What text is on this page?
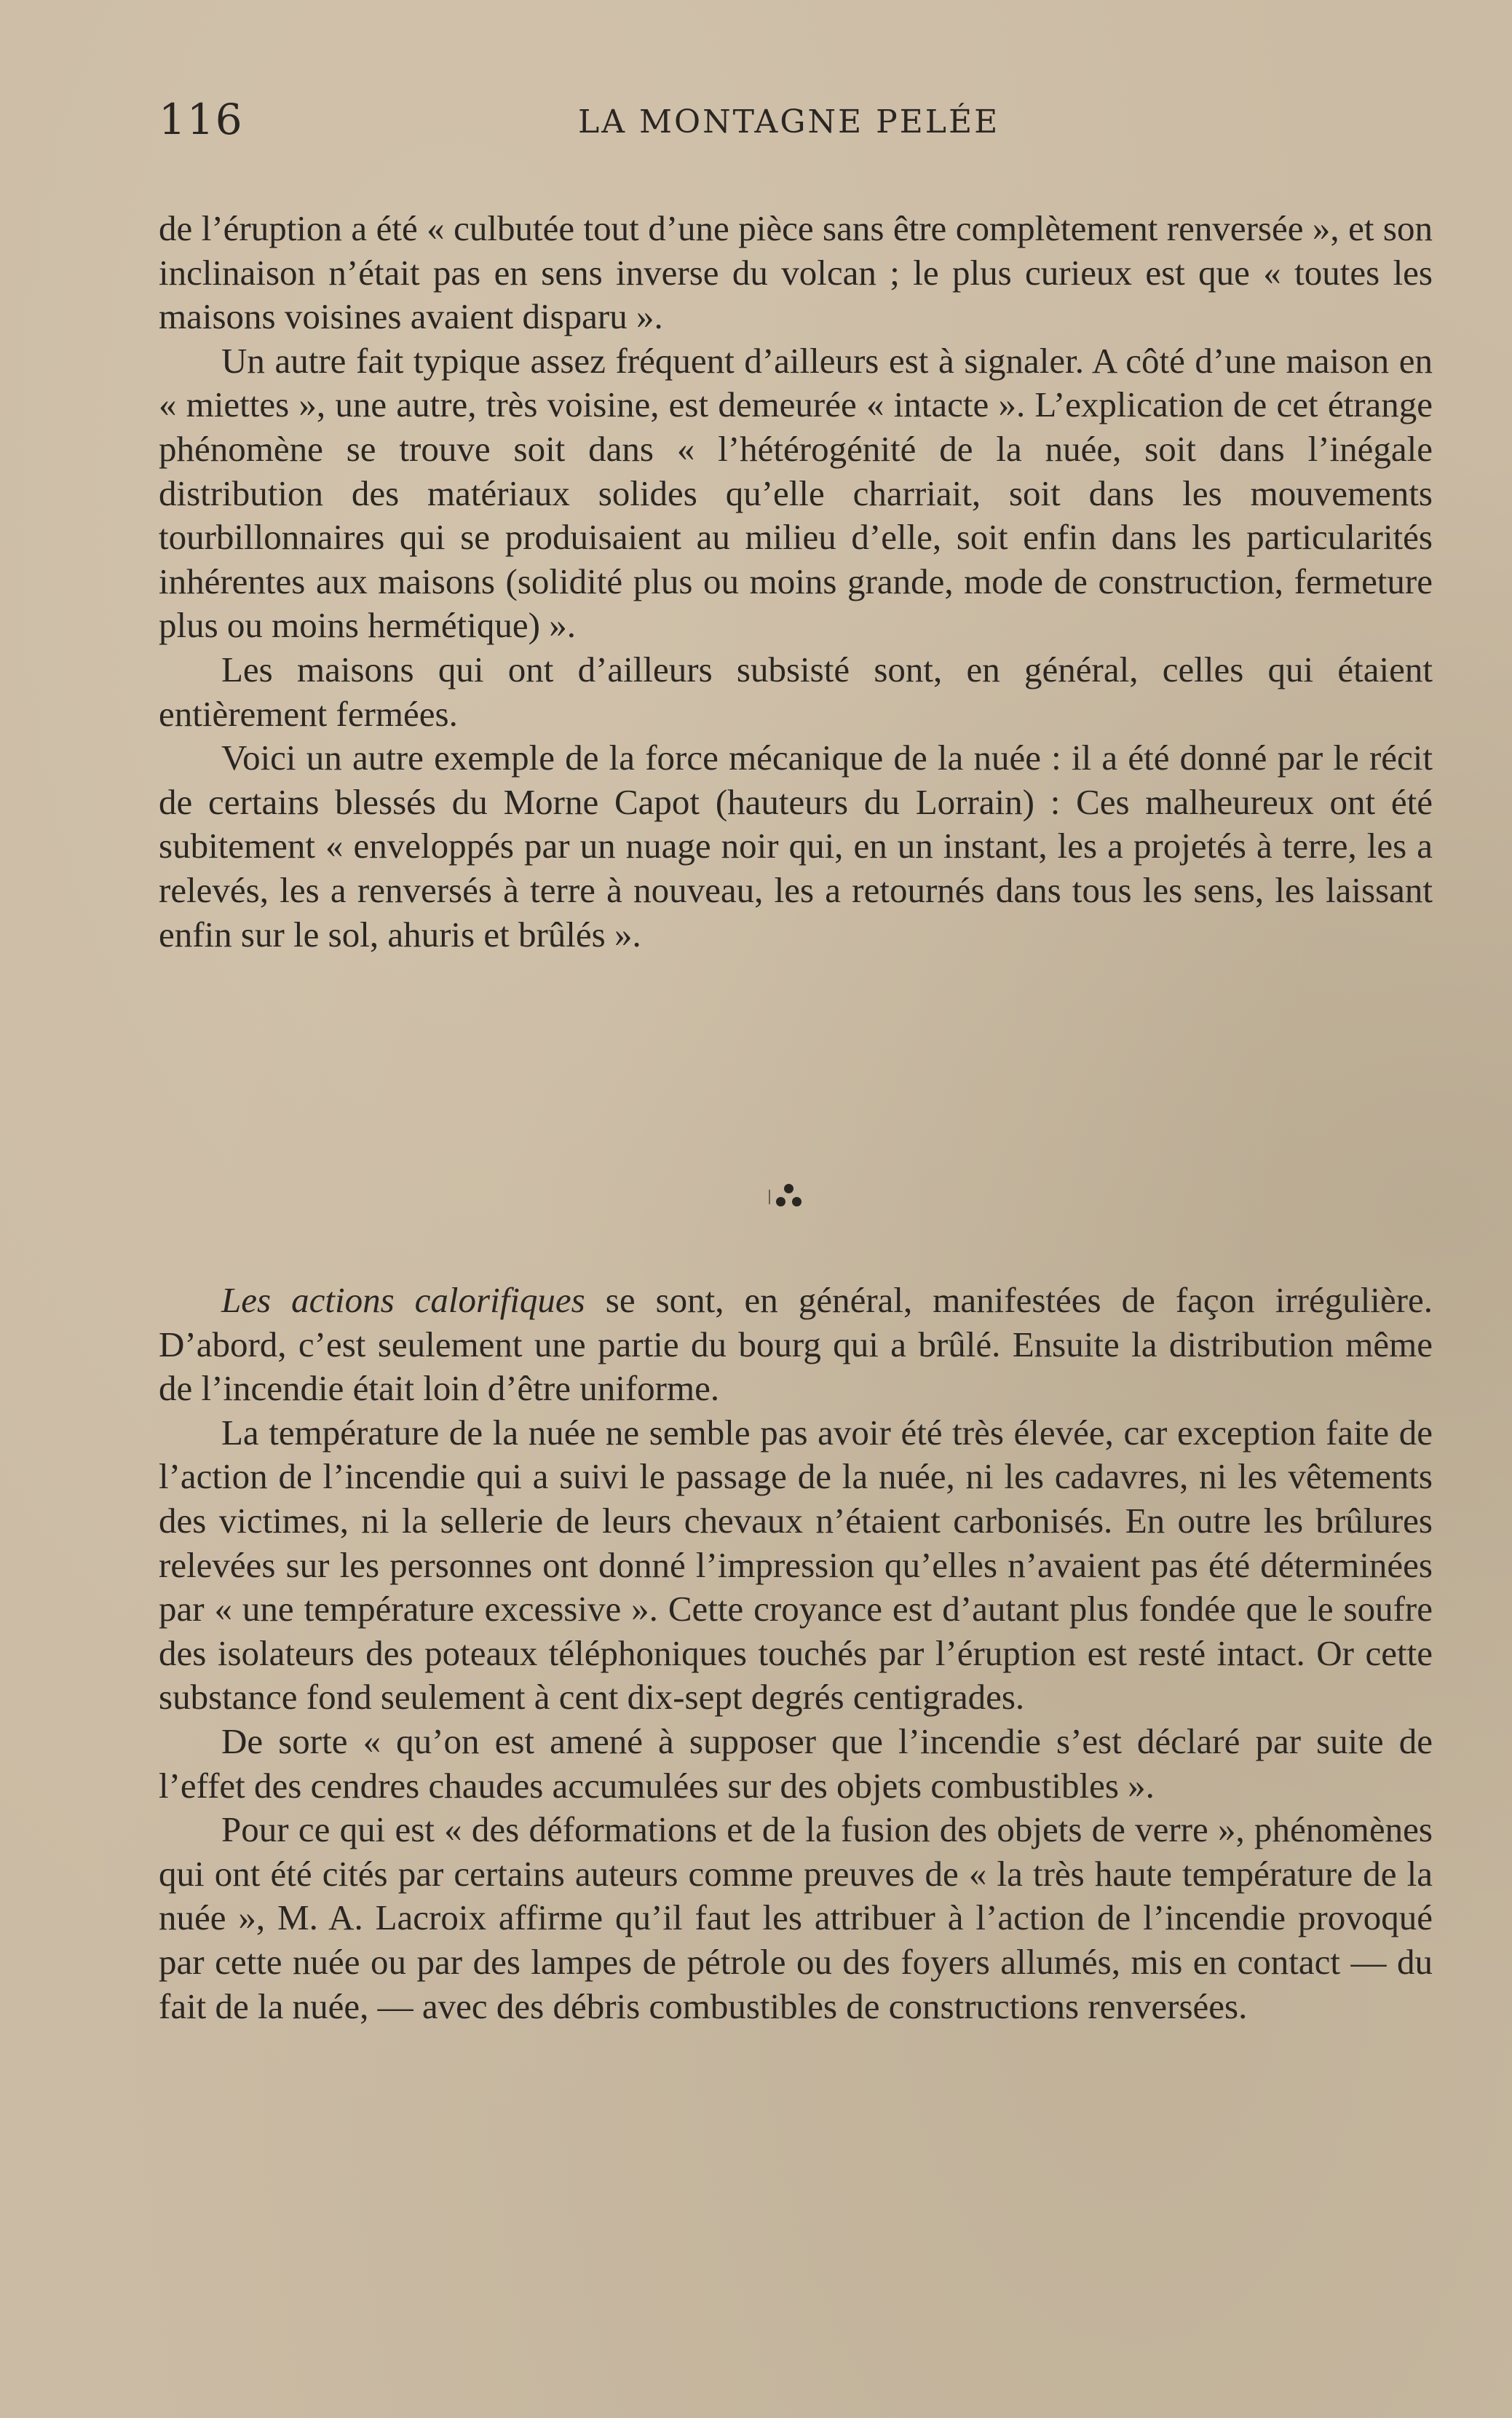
116	LA MONTAGNE PELÉE

de l’éruption a été « culbutée tout d’une pièce sans être complètement renversée », et son inclinaison n’était pas en sens inverse du volcan ; le plus curieux est que « toutes les maisons voisines avaient disparu ».

Un autre fait typique assez fréquent d’ailleurs est à signaler. A côté d’une maison en « miettes », une autre, très voisine, est demeurée « intacte ». L’explication de cet étrange phénomène se trouve soit dans « l’hétérogénité de la nuée, soit dans l’inégale distribution des matériaux solides qu’elle charriait, soit dans les mouvements tourbillonnaires qui se produisaient au milieu d’elle, soit enfin dans les particularités inhérentes aux maisons (solidité plus ou moins grande, mode de construction, fermeture plus ou moins hermétique) ».

Les maisons qui ont d’ailleurs subsisté sont, en général, celles qui étaient entièrement fermées.

Voici un autre exemple de la force mécanique de la nuée : il a été donné par le récit de certains blessés du Morne Capot (hauteurs du Lorrain) : Ces malheureux ont été subitement « enveloppés par un nuage noir qui, en un instant, les a projetés à terre, les a relevés, les a renversés à terre à nouveau, les a retournés dans tous les sens, les laissant enfin sur le sol, ahuris et brûlés ».

Les actions calorifiques se sont, en général, manifestées de façon irrégulière. D’abord, c’est seulement une partie du bourg qui a brûlé. Ensuite la distribution même de l’incendie était loin d’être uniforme.

La température de la nuée ne semble pas avoir été très élevée, car exception faite de l’action de l’incendie qui a suivi le passage de la nuée, ni les cadavres, ni les vêtements des victimes, ni la sellerie de leurs chevaux n’étaient carbonisés. En outre les brûlures relevées sur les personnes ont donné l’impression qu’elles n’avaient pas été déterminées par « une température excessive ». Cette croyance est d’autant plus fondée que le soufre des isolateurs des poteaux téléphoniques touchés par l’éruption est resté intact. Or cette substance fond seulement à cent dix-sept degrés centigrades.

De sorte « qu’on est amené à supposer que l’incendie s’est déclaré par suite de l’effet des cendres chaudes accumulées sur des objets combustibles ».

Pour ce qui est « des déformations et de la fusion des objets de verre », phénomènes qui ont été cités par certains auteurs comme preuves de « la très haute température de la nuée », M. A. Lacroix affirme qu’il faut les attribuer à l’action de l’incendie provoqué par cette nuée ou par des lampes de pétrole ou des foyers allumés, mis en contact — du fait de la nuée, — avec des débris combustibles de constructions renversées.
